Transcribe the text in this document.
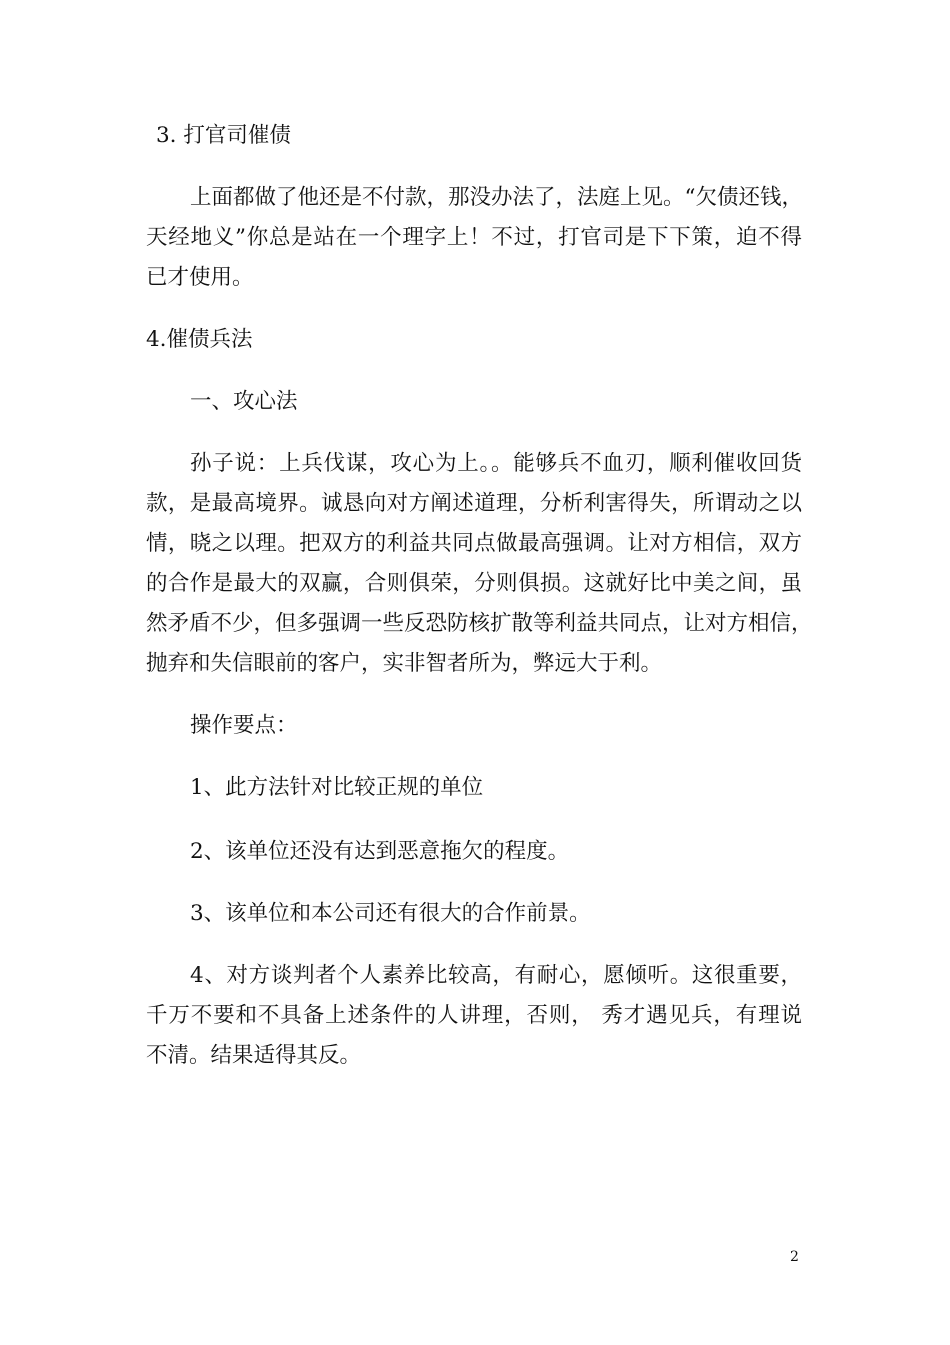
3. 打官司催债
上面都做了他还是不付款，那没办法了，法庭上见。“欠债还钱，
天经地义”你总是站在一个理字上！不过，打官司是下下策，迫不得
已才使用。
4.催债兵法
一、攻心法
孙子说：上兵伐谋，攻心为上。。能够兵不血刃，顺利催收回货
款，是最高境界。诚恳向对方阐述道理，分析利害得失，所谓动之以
情，晓之以理。把双方的利益共同点做最高强调。让对方相信，双方
的合作是最大的双赢，合则俱荣，分则俱损。这就好比中美之间，虽
然矛盾不少，但多强调一些反恐防核扩散等利益共同点，让对方相信，
抛弃和失信眼前的客户，实非智者所为，弊远大于利。
操作要点：
1、此方法针对比较正规的单位
2、该单位还没有达到恶意拖欠的程度。
3、该单位和本公司还有很大的合作前景。
4、对方谈判者个人素养比较高，有耐心，愿倾听。这很重要，
千万不要和不具备上述条件的人讲理，否则， 秀才遇见兵，有理说
不清。结果适得其反。
2
